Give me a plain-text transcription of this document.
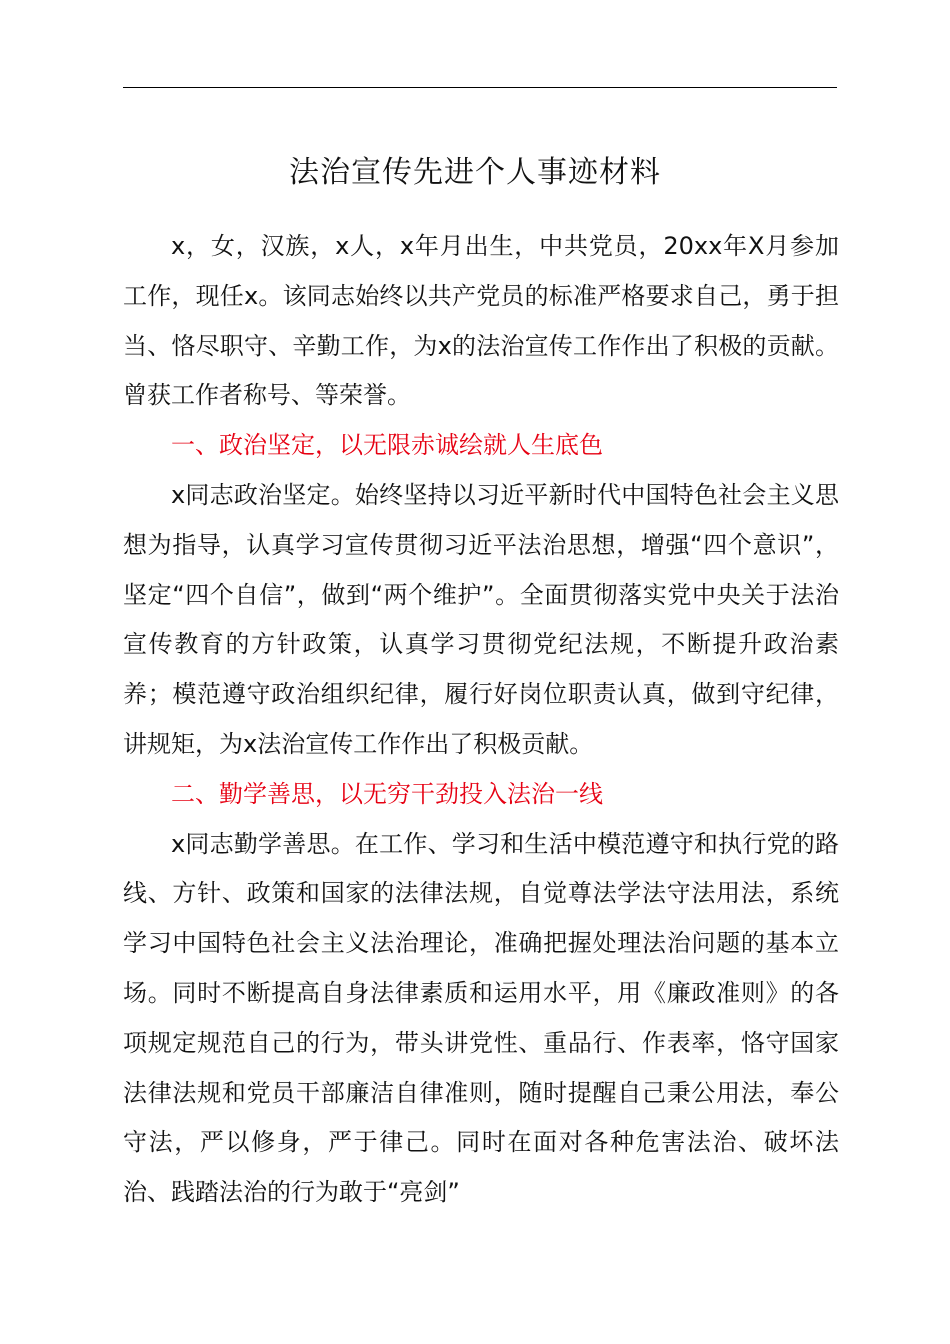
法治宣传先进个人事迹材料

x，女，汉族，x人，x年月出生，中共党员，20xx年X月参加工作，现任x。该同志始终以共产党员的标准严格要求自己，勇于担当、恪尽职守、辛勤工作，为x的法治宣传工作作出了积极的贡献。曾获工作者称号、等荣誉。

一、政治坚定，以无限赤诚绘就人生底色

x同志政治坚定。始终坚持以习近平新时代中国特色社会主义思想为指导，认真学习宣传贯彻习近平法治思想，增强“四个意识”，坚定“四个自信”，做到“两个维护”。全面贯彻落实党中央关于法治宣传教育的方针政策，认真学习贯彻党纪法规，不断提升政治素养；模范遵守政治组织纪律，履行好岗位职责认真，做到守纪律，讲规矩，为x法治宣传工作作出了积极贡献。

二、勤学善思，以无穷干劲投入法治一线

x同志勤学善思。在工作、学习和生活中模范遵守和执行党的路线、方针、政策和国家的法律法规，自觉尊法学法守法用法，系统学习中国特色社会主义法治理论，准确把握处理法治问题的基本立场。同时不断提高自身法律素质和运用水平，用《廉政准则》的各项规定规范自己的行为，带头讲党性、重品行、作表率，恪守国家法律法规和党员干部廉洁自律准则，随时提醒自己秉公用法，奉公守法，严以修身，严于律己。同时在面对各种危害法治、破坏法治、践踏法治的行为敢于“亮剑”
